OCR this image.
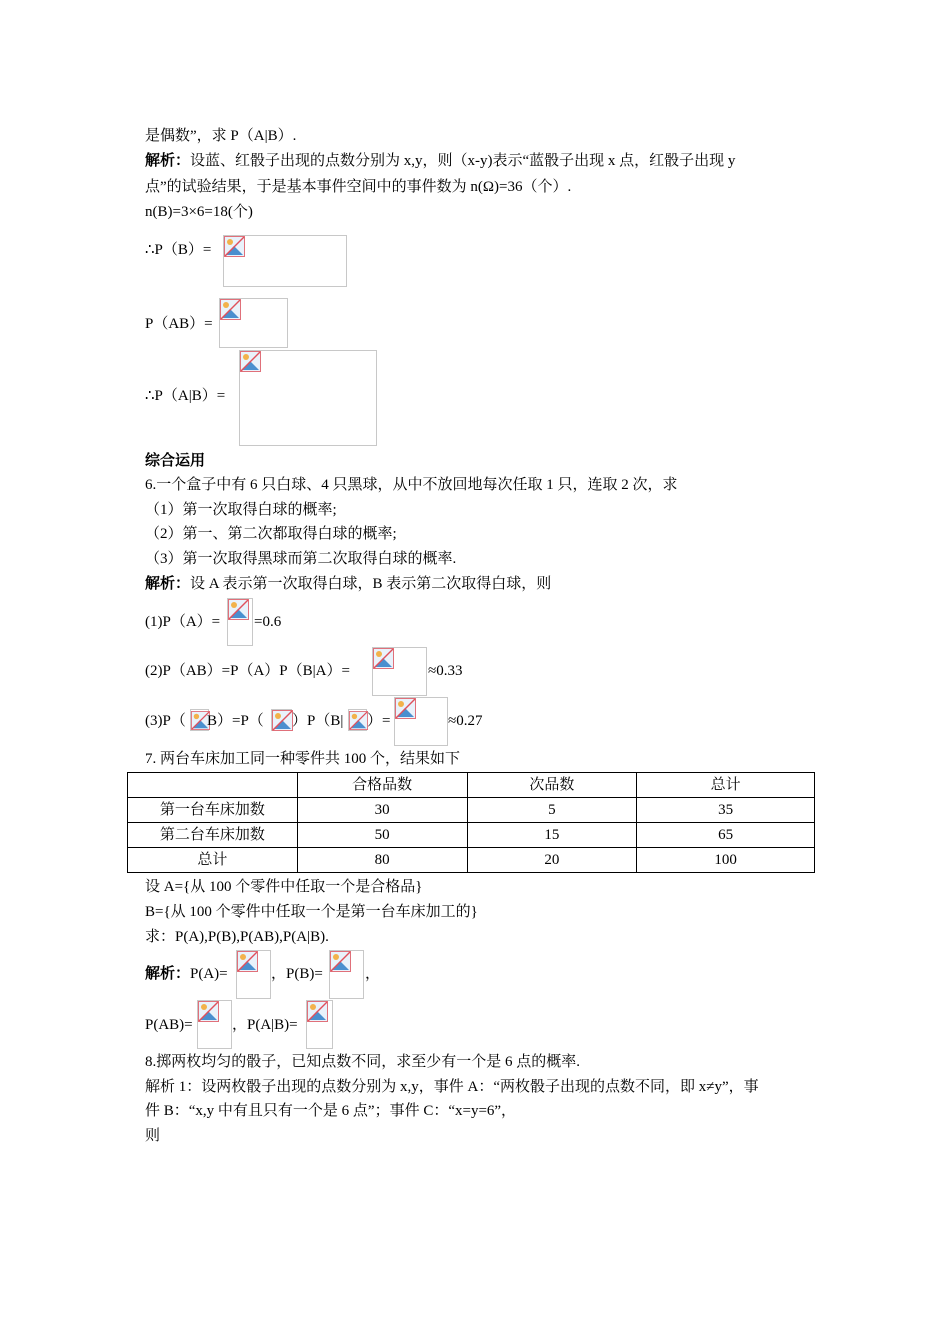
是偶数”，求 P（A|B）.
解析：设蓝、红骰子出现的点数分别为 x,y，则（x-y)表示“蓝骰子出现 x 点，红骰子出现 y
点”的试验结果，于是基本事件空间中的事件数为 n(Ω)=36（个）.
n(B)=3×6=18(个)
∴P（B）=
P（AB）=
∴P（A|B）=
综合运用
6.一个盒子中有 6 只白球、4 只黑球，从中不放回地每次任取 1 只，连取 2 次，求
（1）第一次取得白球的概率;
（2）第一、第二次都取得白球的概率;
（3）第一次取得黑球而第二次取得白球的概率.
解析：设 A 表示第一次取得白球，B 表示第二次取得白球，则
(1)P（A）= =0.6
(2)P（AB）=P（A）P（B|A）=	≈0.33
(3)P（ B）=P（ ）P（B| ）=	≈0.27
7. 两台车床加工同一种零件共 100 个，结果如下
	合格品数	次品数	总计
第一台车床加数	30	5	35
第二台车床加数	50	15	65
总计	80	20	100
设 A={从 100 个零件中任取一个是合格品}
B={从 100 个零件中任取一个是第一台车床加工的}
求：P(A),P(B),P(AB),P(A|B).
解析：P(A)=	，P(B)=	，
P(AB)=	，P(A|B)=
8.掷两枚均匀的骰子，已知点数不同，求至少有一个是 6 点的概率.
解析 1：设两枚骰子出现的点数分别为 x,y，事件 A：“两枚骰子出现的点数不同，即 x≠y”，事
件 B：“x,y 中有且只有一个是 6 点”；事件 C：“x=y=6”，
则
